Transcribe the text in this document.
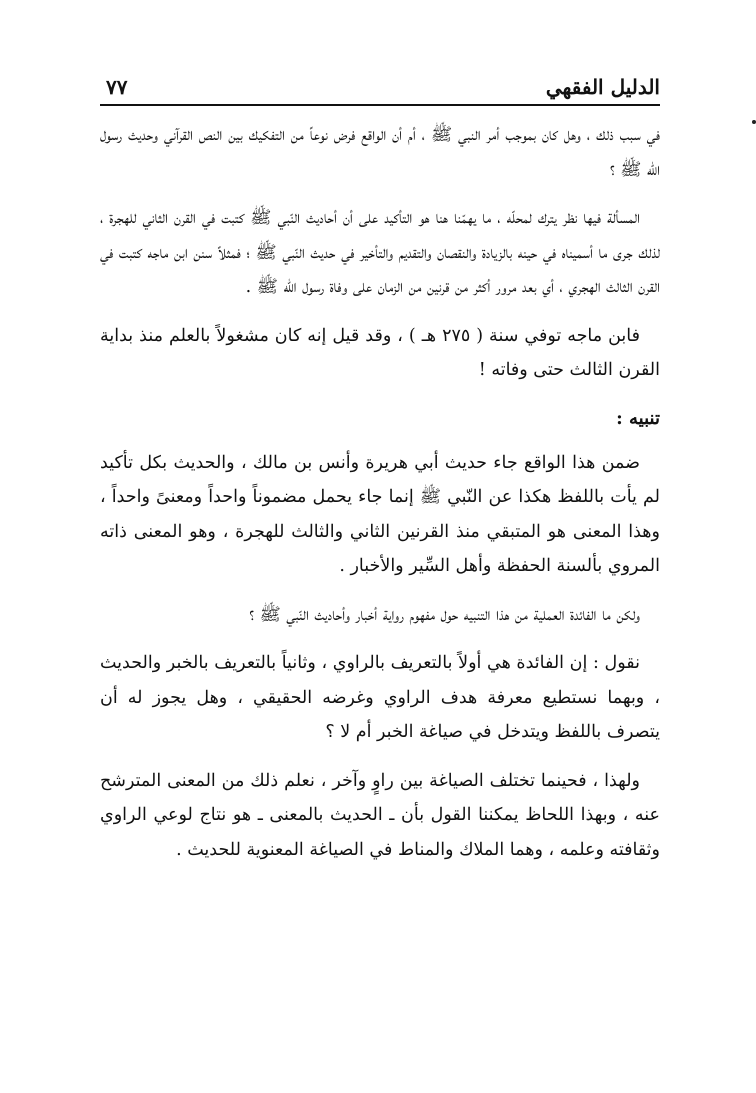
الدليل الفقهي
٧٧

في سبب ذلك ، وهل كان بموجب أمر النبي ﷺ ، أم أن الواقع فرض نوعاً من التفكيك بين النص القرآني وحديث رسول الله ﷺ ؟

المسألة فيها نظر يترك لمحلّه ، ما يهمّنا هنا هو التأكيد على أن أحاديث النّبي ﷺ كتبت في القرن الثاني للهجرة ، لذلك جرى ما أسميناه في حينه بالزيادة والنقصان والتقديم والتأخير في حديث النّبي ﷺ ؛ فمثلاً سنن ابن ماجه كتبت في القرن الثالث الهجري ، أي بعد مرور أكثر من قرنين من الزمان على وفاة رسول الله ﷺ .

فابن ماجه توفي سنة ( ٢٧٥ هـ ) ، وقد قيل إنه كان مشغولاً بالعلم منذ بداية القرن الثالث حتى وفاته !

تنبيه :

ضمن هذا الواقع جاء حديث أبي هريرة وأنس بن مالك ، والحديث بكل تأكيد لم يأت باللفظ هكذا عن النّبي ﷺ إنما جاء يحمل مضموناً واحداً ومعنىً واحداً ، وهذا المعنى هو المتبقي منذ القرنين الثاني والثالث للهجرة ، وهو المعنى ذاته المروي بألسنة الحفظة وأهل السِّير والأخبار .

ولكن ما الفائدة العملية من هذا التنبيه حول مفهوم رواية أخبار وأحاديث النّبي ﷺ ؟

نقول : إن الفائدة هي أولاً بالتعريف بالراوي ، وثانياً بالتعريف بالخبر والحديث ، وبهما نستطيع معرفة هدف الراوي وغرضه الحقيقي ، وهل يجوز له أن يتصرف باللفظ ويتدخل في صياغة الخبر أم لا ؟

ولهذا ، فحينما تختلف الصياغة بين راوٍ وآخر ، نعلم ذلك من المعنى المترشح عنه ، وبهذا اللحاظ يمكننا القول بأن ـ الحديث بالمعنى ـ هو نتاج لوعي الراوي وثقافته وعلمه ، وهما الملاك والمناط في الصياغة المعنوية للحديث .
